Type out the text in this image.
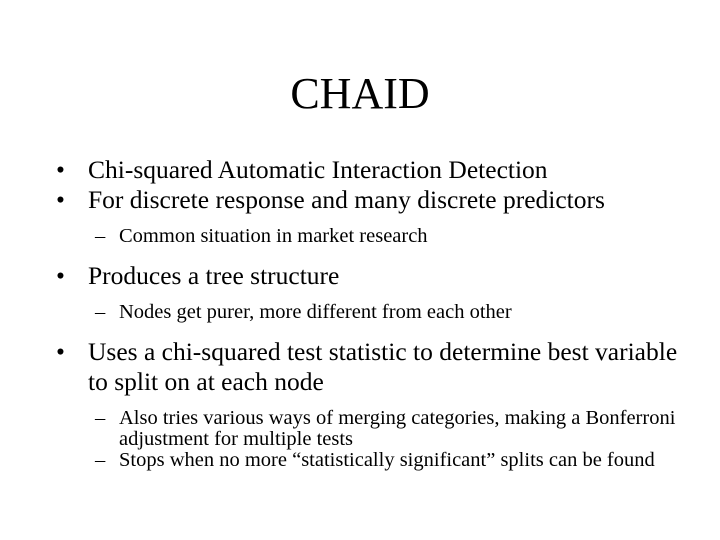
CHAID
• Chi-squared Automatic Interaction Detection
• For discrete response and many discrete predictors
– Common situation in market research
• Produces a tree structure
– Nodes get purer, more different from each other
• Uses a chi-squared test statistic to determine best variable to split on at each node
– Also tries various ways of merging categories, making a Bonferroni adjustment for multiple tests
– Stops when no more “statistically significant” splits can be found
